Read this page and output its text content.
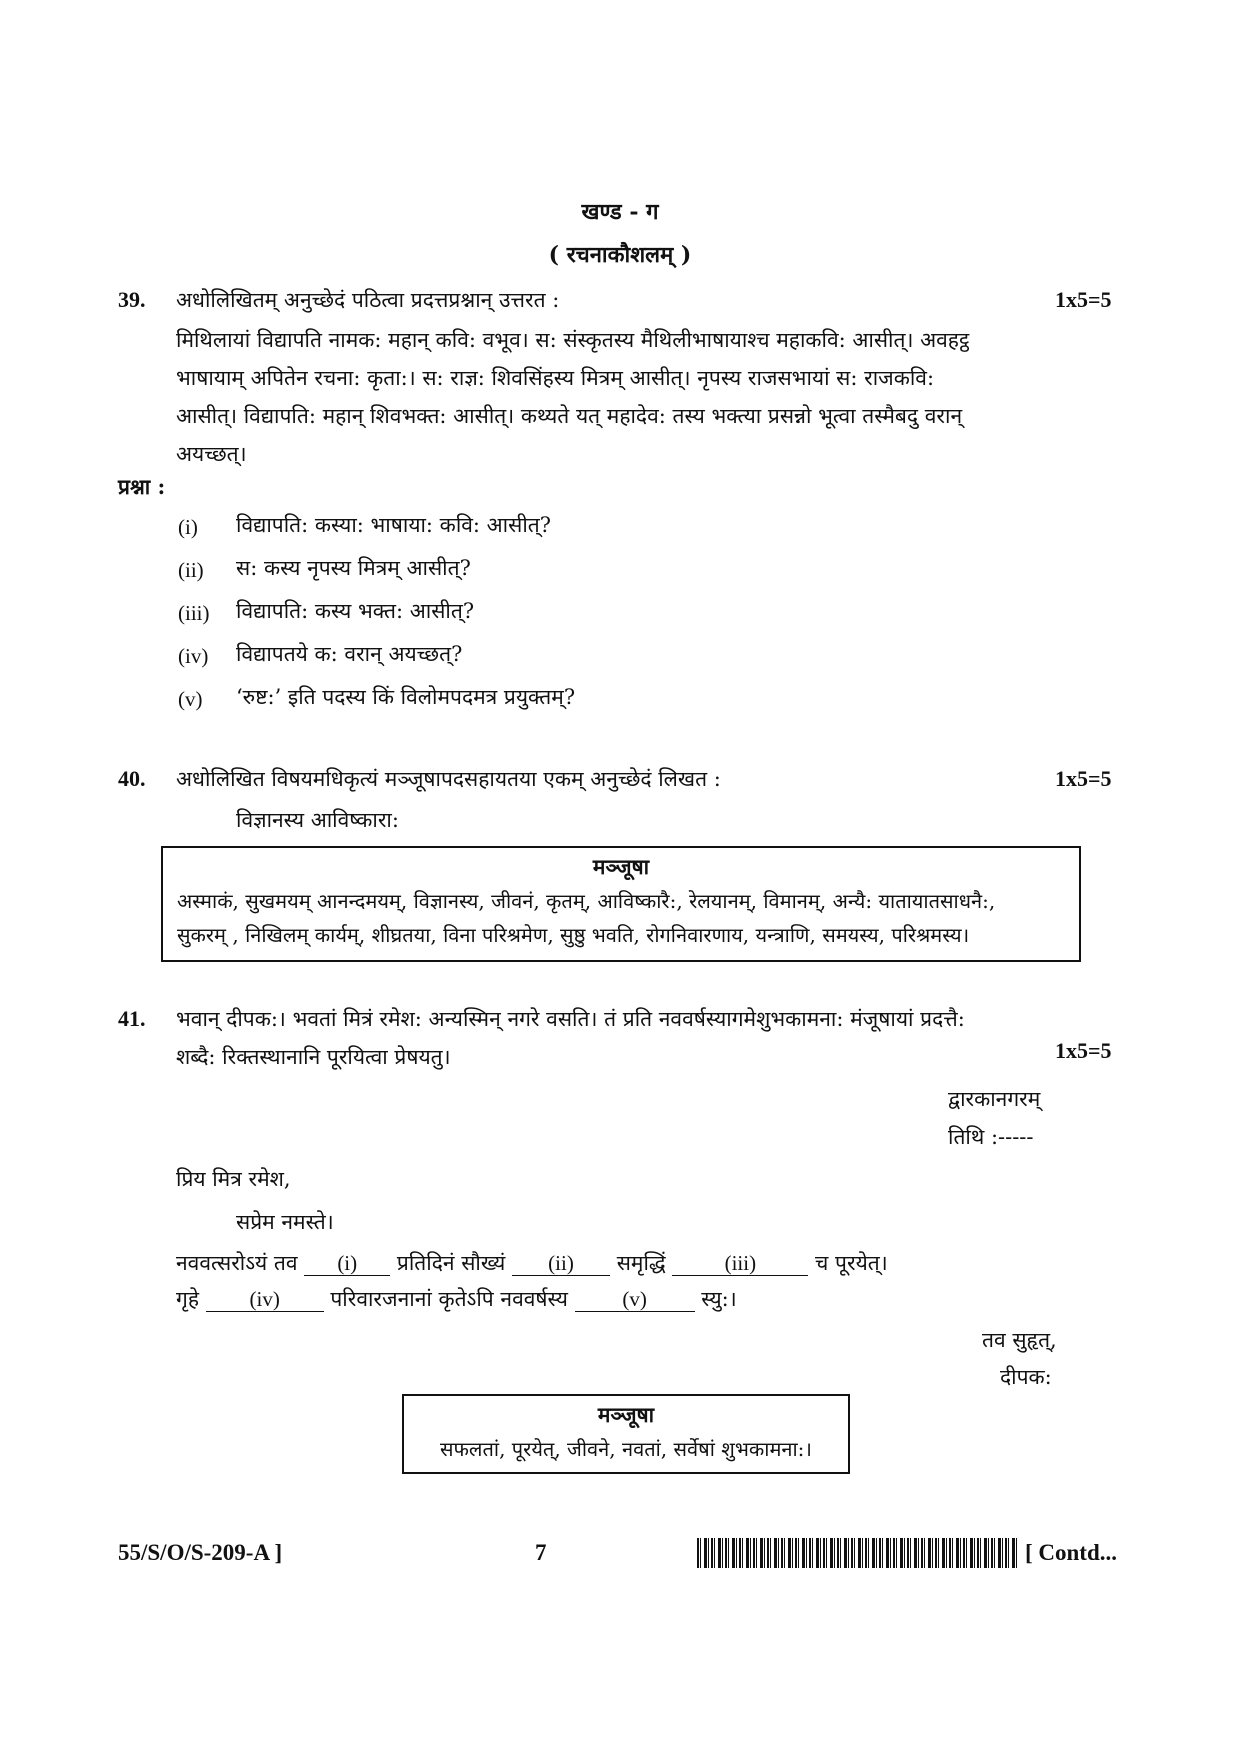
खण्ड - ग
( रचनाकौशलम् )
39. अधोलिखितम् अनुच्छेदं पठित्वा प्रदत्तप्रश्नान् उत्तरत :	1x5=5
मिथिलायां विद्यापति नामक: महान् कवि: वभूव। स: संस्कृतस्य मैथिलीभाषायाश्च महाकवि: आसीत्। अवहट्ठ
भाषायाम् अपितेन रचना: कृता:। स: राज्ञ: शिवसिंहस्य मित्रम् आसीत्। नृपस्य राजसभायां स: राजकवि:
आसीत्। विद्यापति: महान् शिवभक्त: आसीत्। कथ्यते यत् महादेव: तस्य भक्त्या प्रसन्नो भूत्वा तस्मैबदु वरान्
अयच्छत्।
प्रश्ना :
(i) विद्यापति: कस्या: भाषाया: कवि: आसीत्?
(ii) स: कस्य नृपस्य मित्रम् आसीत्?
(iii) विद्यापति: कस्य भक्त: आसीत्?
(iv) विद्यापतये क: वरान् अयच्छत्?
(v) ‘रुष्ट:’ इति पदस्य किं विलोमपदमत्र प्रयुक्तम्?
40. अधोलिखित विषयमधिकृत्यं मञ्जूषापदसहायतया एकम् अनुच्छेदं लिखत :	1x5=5
विज्ञानस्य आविष्कारा:
मञ्जूषा
अस्माकं, सुखमयम् आनन्दमयम्, विज्ञानस्य, जीवनं, कृतम्, आविष्कारै:, रेलयानम्, विमानम्, अन्यै: यातायातसाधनै:,
सुकरम् , निखिलम् कार्यम्, शीघ्रतया, विना परिश्रमेण, सुष्ठु भवति, रोगनिवारणाय, यन्त्राणि, समयस्य, परिश्रमस्य।
41. भवान् दीपक:। भवतां मित्रं रमेश: अन्यस्मिन् नगरे वसति। तं प्रति नववर्षस्यागमेशुभकामना: मंजूषायां प्रदत्तै:
शब्दै: रिक्तस्थानानि पूरयित्वा प्रेषयतु।	1x5=5
द्वारकानगरम्
तिथि :-----
प्रिय मित्र रमेश,
सप्रेम नमस्ते।
नववत्सरोऽयं तव (i) प्रतिदिनं सौख्यं (ii) समृद्धिं	(iii)	च पूरयेत्।
गृहे (iv) परिवारजनानां कृतेऽपि नववर्षस्य	(v)	स्यु:।
तव सुहृत्,
दीपक:
मञ्जूषा
सफलतां, पूरयेत्, जीवने, नवतां, सर्वेषां शुभकामना:।
55/S/O/S-209-A ]	7	[ Contd...
